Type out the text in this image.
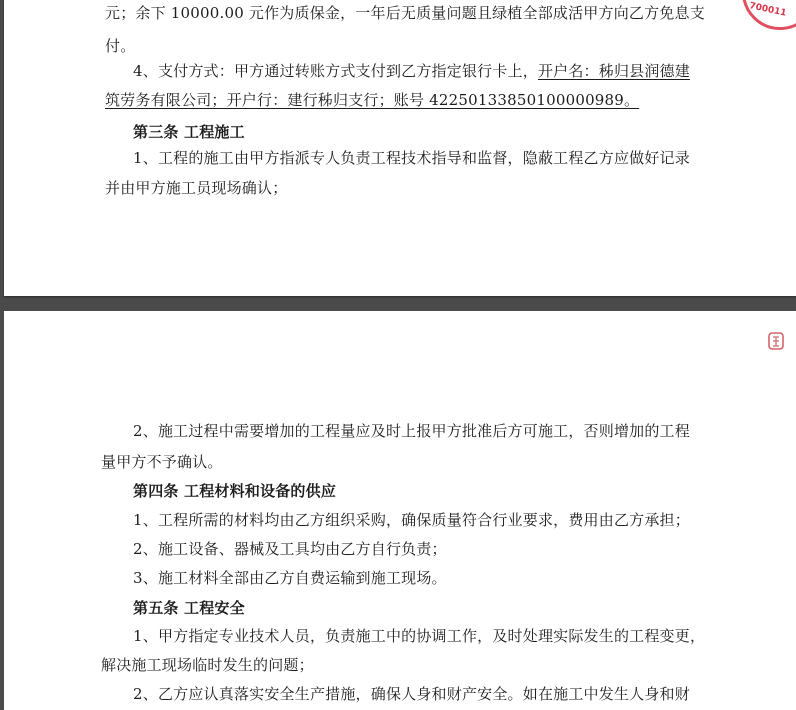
700011
元；余下 10000.00 元作为质保金，一年后无质量问题且绿植全部成活甲方向乙方免息支
付。
4、支付方式：甲方通过转账方式支付到乙方指定银行卡上，开户名：秭归县润德建
筑劳务有限公司；开户行：建行秭归支行；账号 42250133850100000989。
第三条 工程施工
1、工程的施工由甲方指派专人负责工程技术指导和监督，隐蔽工程乙方应做好记录
并由甲方施工员现场确认；
2、施工过程中需要增加的工程量应及时上报甲方批准后方可施工，否则增加的工程
量甲方不予确认。
第四条 工程材料和设备的供应
1、工程所需的材料均由乙方组织采购，确保质量符合行业要求，费用由乙方承担；
2、施工设备、器械及工具均由乙方自行负责；
3、施工材料全部由乙方自费运输到施工现场。
第五条 工程安全
1、甲方指定专业技术人员，负责施工中的协调工作，及时处理实际发生的工程变更，
解决施工现场临时发生的问题；
2、乙方应认真落实安全生产措施，确保人身和财产安全。如在施工中发生人身和财
